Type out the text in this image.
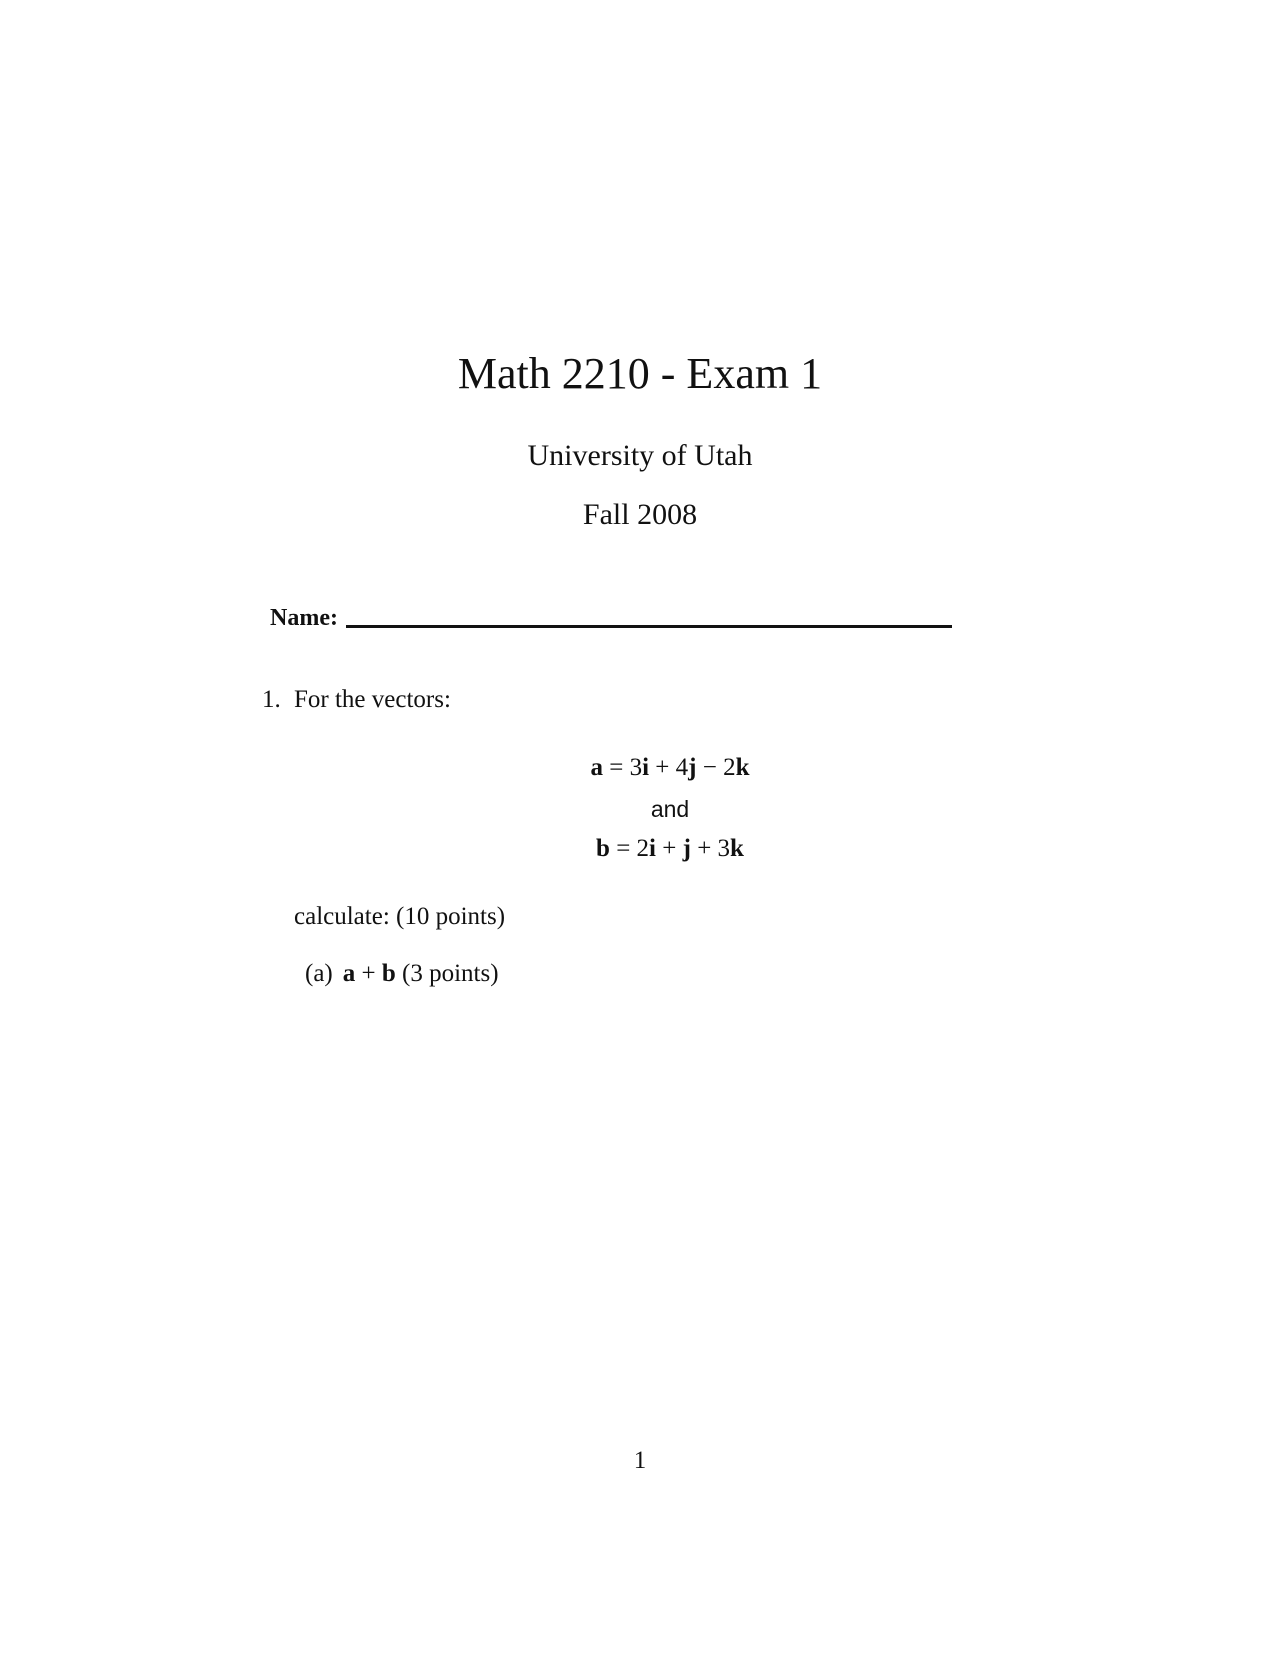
Math 2210 - Exam 1
University of Utah
Fall 2008
Name:
1. For the vectors:
a = 3i + 4j − 2k
and
b = 2i + j + 3k
calculate: (10 points)
(a) a + b (3 points)
1
